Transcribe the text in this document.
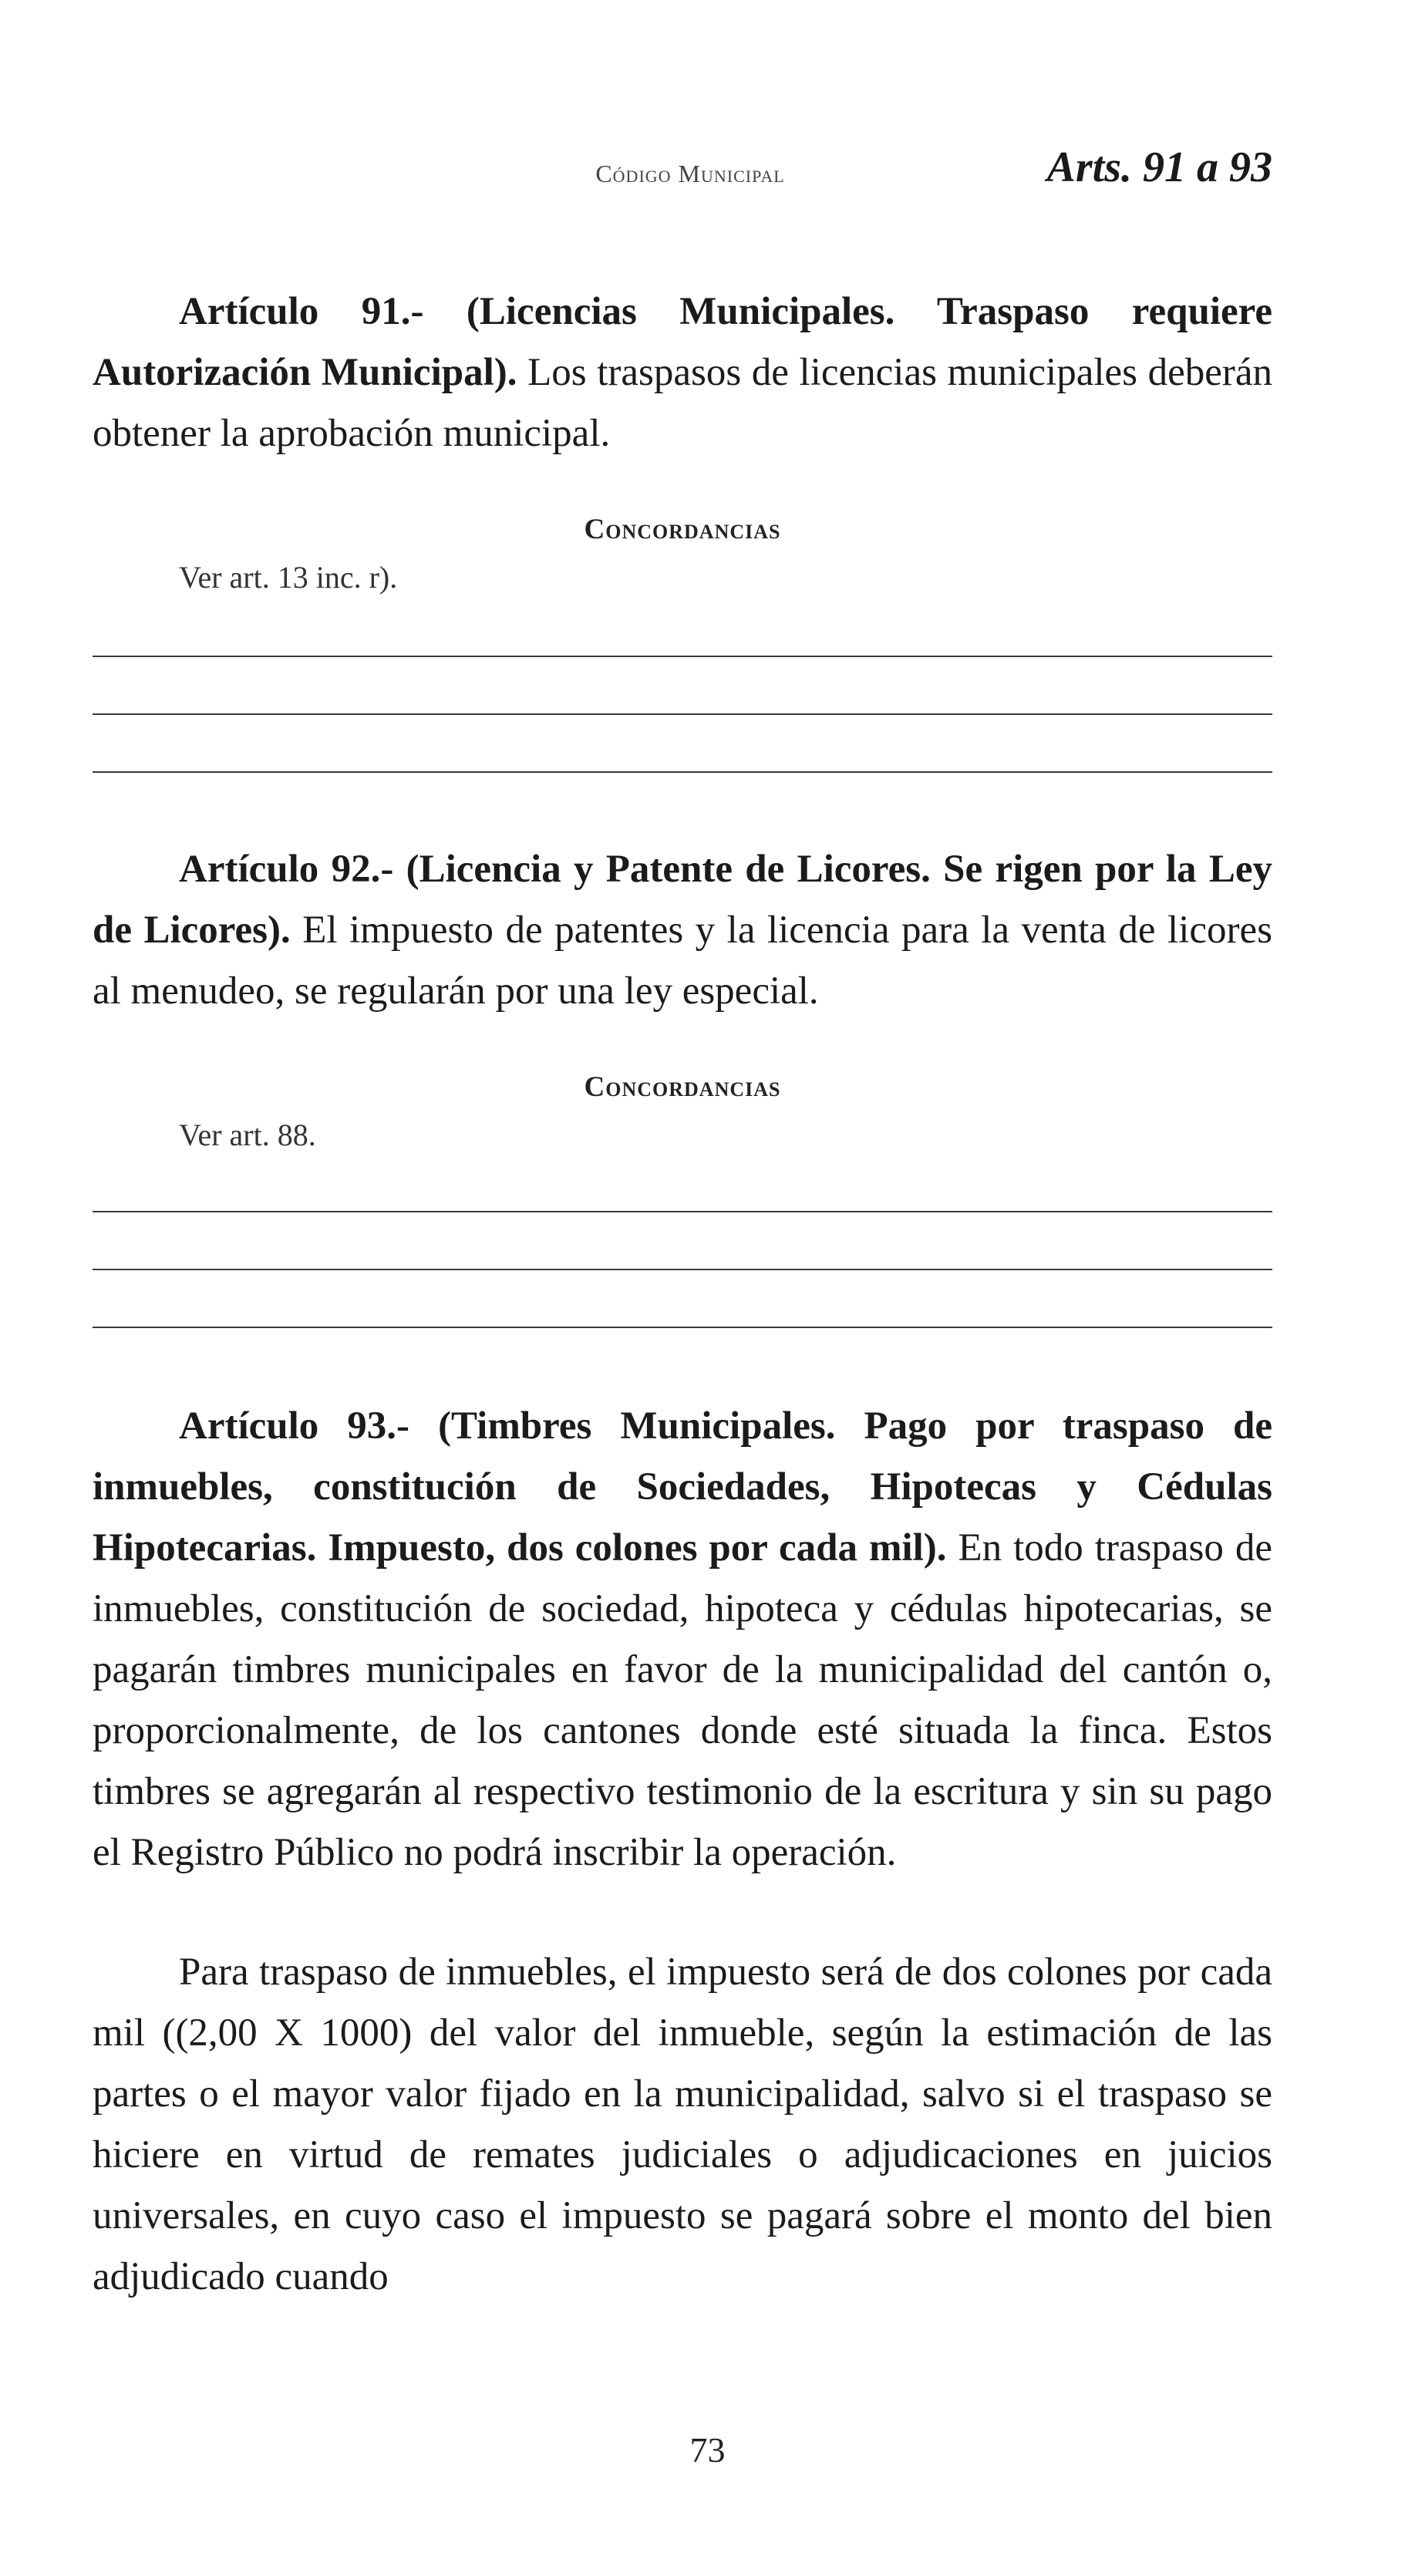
Código Municipal	Arts. 91 a 93

Artículo 91.- (Licencias Municipales. Traspaso requiere Autorización Municipal). Los traspasos de licencias municipales deberán obtener la aprobación municipal.

Concordancias
Ver art. 13 inc. r).

Artículo 92.- (Licencia y Patente de Licores. Se rigen por la Ley de Licores). El impuesto de patentes y la licencia para la venta de licores al menudeo, se regularán por una ley especial.

Concordancias
Ver art. 88.

Artículo 93.- (Timbres Municipales. Pago por traspaso de inmuebles, constitución de Sociedades, Hipotecas y Cédulas Hipotecarias. Impuesto, dos colones por cada mil). En todo traspaso de inmuebles, constitución de sociedad, hipoteca y cédulas hipotecarias, se pagarán timbres municipales en favor de la municipalidad del cantón o, proporcionalmente, de los cantones donde esté situada la finca. Estos timbres se agregarán al respectivo testimonio de la escritura y sin su pago el Registro Público no podrá inscribir la operación.

Para traspaso de inmuebles, el impuesto será de dos colones por cada mil ((2,00 X 1000) del valor del inmueble, según la estimación de las partes o el mayor valor fijado en la municipalidad, salvo si el traspaso se hiciere en virtud de remates judiciales o adjudicaciones en juicios universales, en cuyo caso el impuesto se pagará sobre el monto del bien adjudicado cuando

73
